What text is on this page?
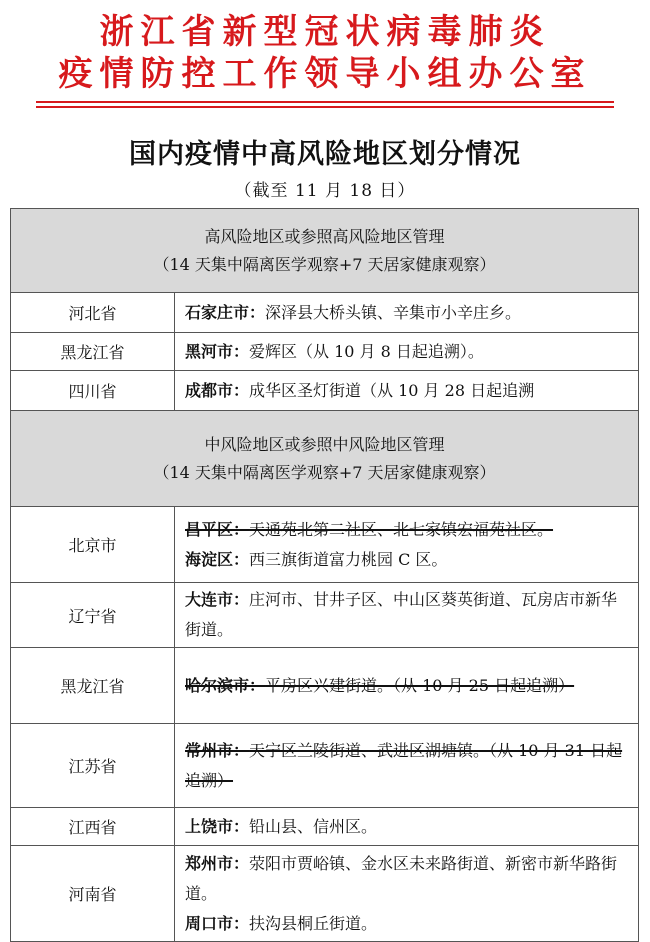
浙江省新型冠状病毒肺炎
疫情防控工作领导小组办公室
国内疫情中高风险地区划分情况
（截至 11 月 18 日）
高风险地区或参照高风险地区管理
（14 天集中隔离医学观察+7 天居家健康观察）	

河北省	石家庄市：深泽县大桥头镇、辛集市小辛庄乡。
黑龙江省	黑河市：爱辉区（从 10 月 8 日起追溯）。
四川省	成都市：成华区圣灯街道（从 10 月 28 日起追溯

中风险地区或参照中风险地区管理
（14 天集中隔离医学观察+7 天居家健康观察）	

北京市	昌平区：天通苑北第二社区、北七家镇宏福苑社区。
海淀区：西三旗街道富力桃园 C 区。

辽宁省	大连市：庄河市、甘井子区、中山区葵英街道、瓦房店市新华街道。
黑龙江省	哈尔滨市：平房区兴建街道。（从 10 月 25 日起追溯）
江苏省	常州市：天宁区兰陵街道、武进区湖塘镇。（从 10 月 31 日起追溯）
江西省	上饶市：铅山县、信州区。
河南省	郑州市：荥阳市贾峪镇、金水区未来路街道、新密市新华路街道。
周口市：扶沟县桐丘街道。
